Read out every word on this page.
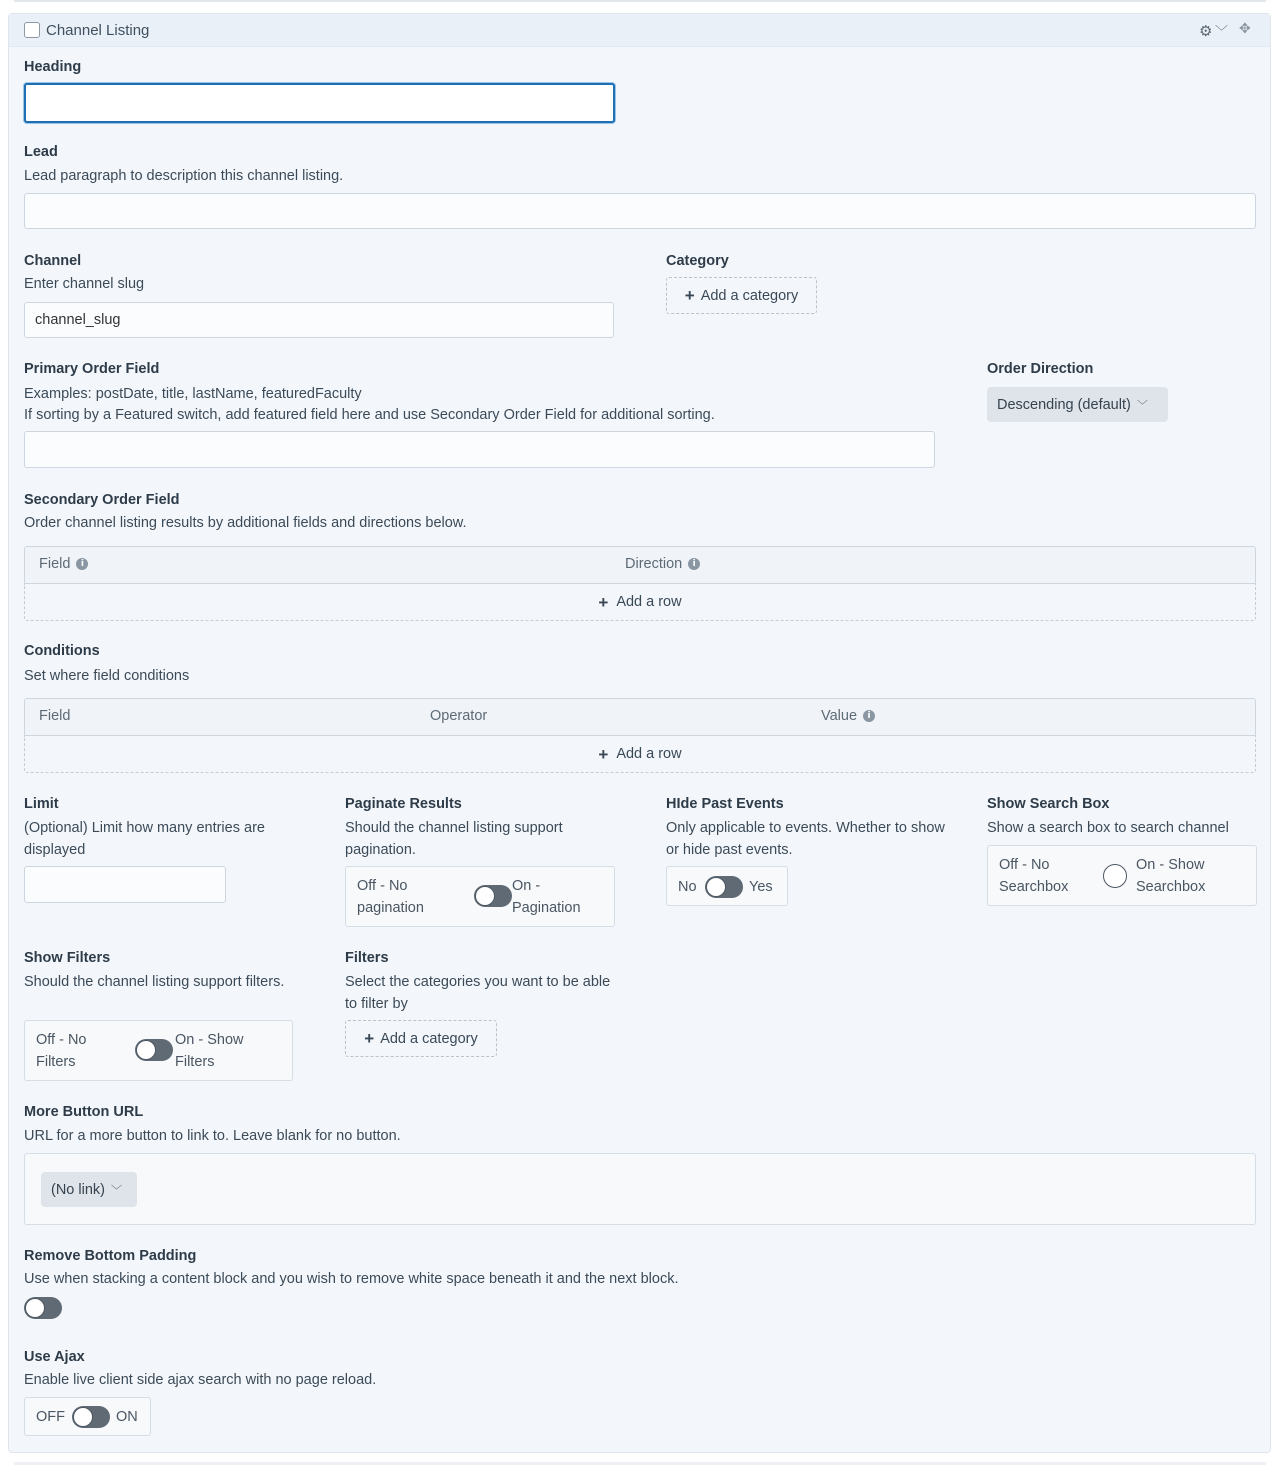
Channel Listing	⚙ ﹀ ✥
Heading
Lead
Lead paragraph to description this channel listing.
Channel
Enter channel slug
channel_slug
Category
+ Add a category
Primary Order Field
Examples: postDate, title, lastName, featuredFaculty
If sorting by a Featured switch, add featured field here and use Secondary Order Field for additional sorting.
Order Direction
Descending (default) ﹀
Secondary Order Field
Order channel listing results by additional fields and directions below.
Field	i	Direction	i
+ Add a row
Conditions
Set where field conditions
Field	Operator	Value	i
+ Add a row
Limit
(Optional) Limit how many entries are displayed
Paginate Results
Should the channel listing support pagination.
Off - No pagination
On - Pagination
HIde Past Events
Only applicable to events. Whether to show or hide past events.
No	Yes
Show Search Box
Show a search box to search channel
Off - No Searchbox
On - Show Searchbox
Show Filters
Should the channel listing support filters.
Off - No Filters
On - Show Filters
Filters
Select the categories you want to be able to filter by
+ Add a category
More Button URL
URL for a more button to link to. Leave blank for no button.
(No link) ﹀
Remove Bottom Padding
Use when stacking a content block and you wish to remove white space beneath it and the next block.
Use Ajax
Enable live client side ajax search with no page reload.
OFF	ON
